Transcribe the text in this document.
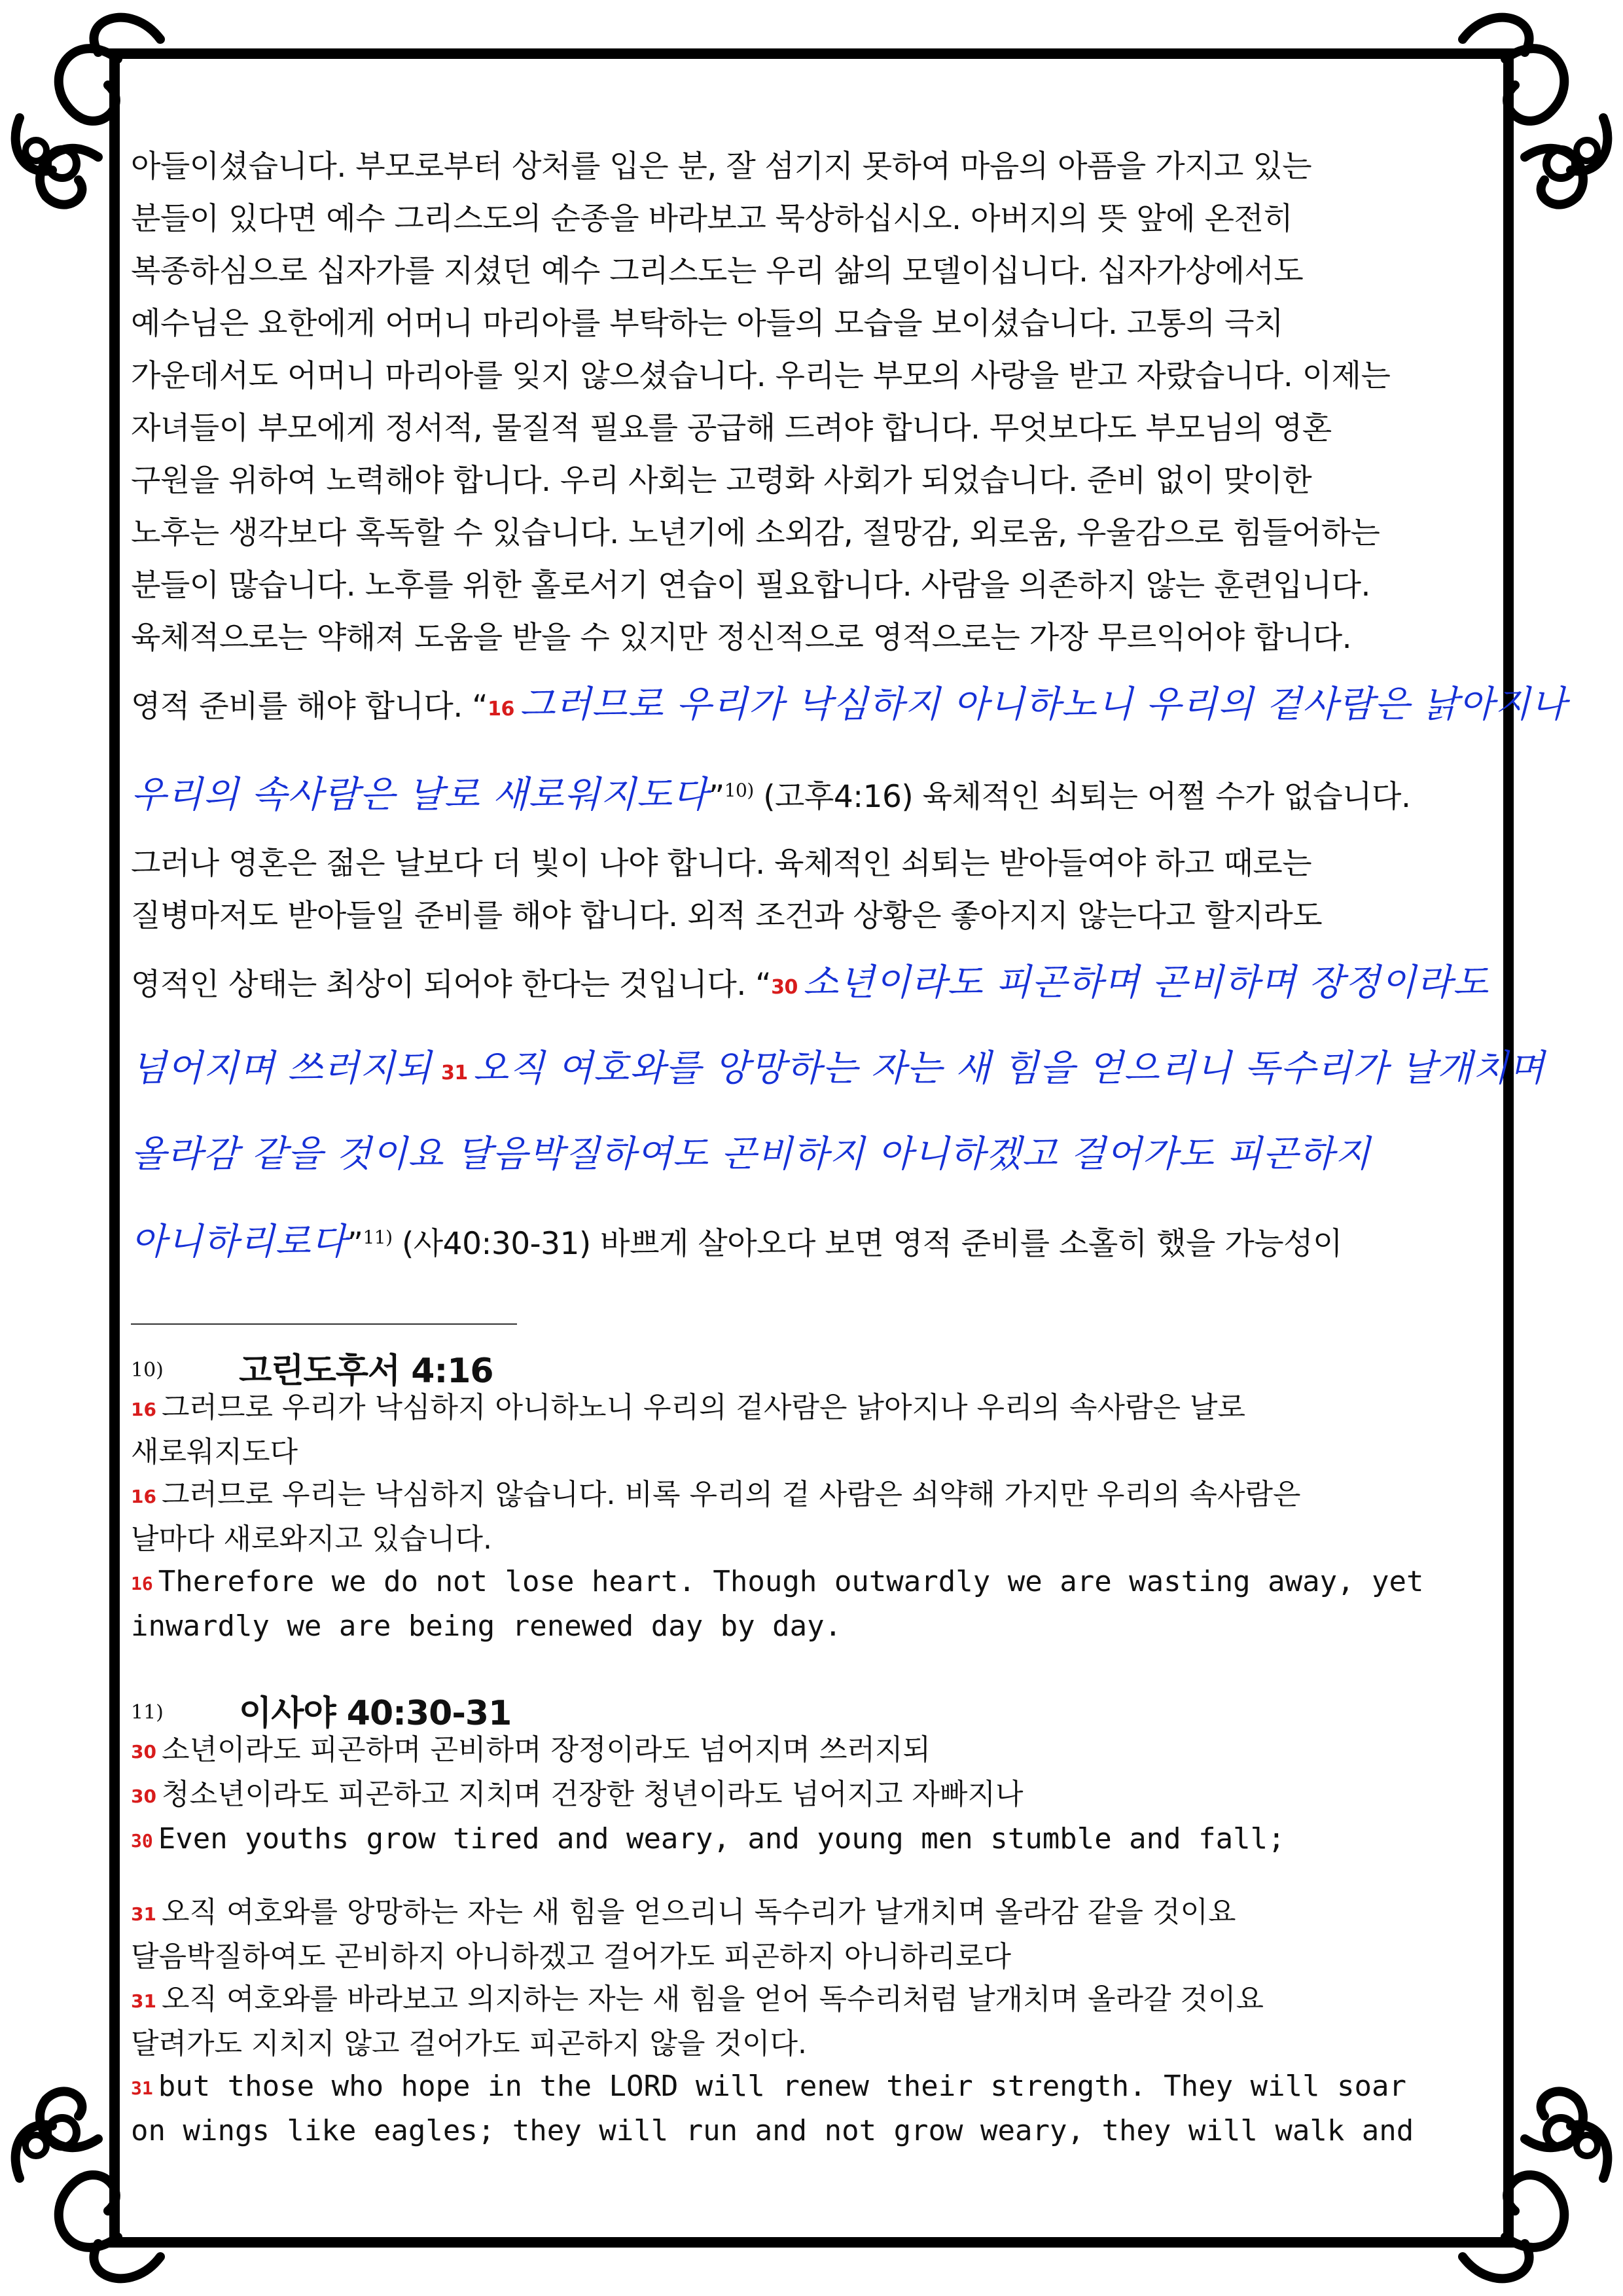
아들이셨습니다. 부모로부터 상처를 입은 분, 잘 섬기지 못하여 마음의 아픔을 가지고 있는

분들이 있다면 예수 그리스도의 순종을 바라보고 묵상하십시오. 아버지의 뜻 앞에 온전히

복종하심으로 십자가를 지셨던 예수 그리스도는 우리 삶의 모델이십니다. 십자가상에서도

예수님은 요한에게 어머니 마리아를 부탁하는 아들의 모습을 보이셨습니다. 고통의 극치

가운데서도 어머니 마리아를 잊지 않으셨습니다. 우리는 부모의 사랑을 받고 자랐습니다. 이제는

자녀들이 부모에게 정서적, 물질적 필요를 공급해 드려야 합니다. 무엇보다도 부모님의 영혼

구원을 위하여 노력해야 합니다. 우리 사회는 고령화 사회가 되었습니다. 준비 없이 맞이한

노후는 생각보다 혹독할 수 있습니다. 노년기에 소외감, 절망감, 외로움, 우울감으로 힘들어하는

분들이 많습니다. 노후를 위한 홀로서기 연습이 필요합니다. 사람을 의존하지 않는 훈련입니다.

육체적으로는 약해져 도움을 받을 수 있지만 정신적으로 영적으로는 가장 무르익어야 합니다.

영적 준비를 해야 합니다. “16 그러므로 우리가 낙심하지 아니하노니 우리의 겉사람은 낡아지나

우리의 속사람은 날로 새로워지도다”$^{10)}$ (고후4:16) 육체적인 쇠퇴는 어쩔 수가 없습니다.

그러나 영혼은 젊은 날보다 더 빛이 나야 합니다. 육체적인 쇠퇴는 받아들여야 하고 때로는

질병마저도 받아들일 준비를 해야 합니다. 외적 조건과 상황은 좋아지지 않는다고 할지라도

영적인 상태는 최상이 되어야 한다는 것입니다. “30 소년이라도 피곤하며 곤비하며 장정이라도

넘어지며 쓰러지되 31 오직 여호와를 앙망하는 자는 새 힘을 얻으리니 독수리가 날개치며

올라감 같을 것이요 달음박질하여도 곤비하지 아니하겠고 걸어가도 피곤하지

아니하리로다”$^{11)}$ (사40:30-31) 바쁘게 살아오다 보면 영적 준비를 소홀히 했을 가능성이

10) 고린도후서 4:16

16 그러므로 우리가 낙심하지 아니하노니 우리의 겉사람은 낡아지나 우리의 속사람은 날로

새로워지도다

16 그러므로 우리는 낙심하지 않습니다. 비록 우리의 겉 사람은 쇠약해 가지만 우리의 속사람은

날마다 새로와지고 있습니다.

16 Therefore we do not lose heart. Though outwardly we are wasting away, yet

inwardly we are being renewed day by day.

11) 이사야 40:30-31

30 소년이라도 피곤하며 곤비하며 장정이라도 넘어지며 쓰러지되

30 청소년이라도 피곤하고 지치며 건장한 청년이라도 넘어지고 자빠지나

30 Even youths grow tired and weary, and young men stumble and fall;

31 오직 여호와를 앙망하는 자는 새 힘을 얻으리니 독수리가 날개치며 올라감 같을 것이요

달음박질하여도 곤비하지 아니하겠고 걸어가도 피곤하지 아니하리로다

31 오직 여호와를 바라보고 의지하는 자는 새 힘을 얻어 독수리처럼 날개치며 올라갈 것이요

달려가도 지치지 않고 걸어가도 피곤하지 않을 것이다.

31 but those who hope in the LORD will renew their strength. They will soar

on wings like eagles; they will run and not grow weary, they will walk and
